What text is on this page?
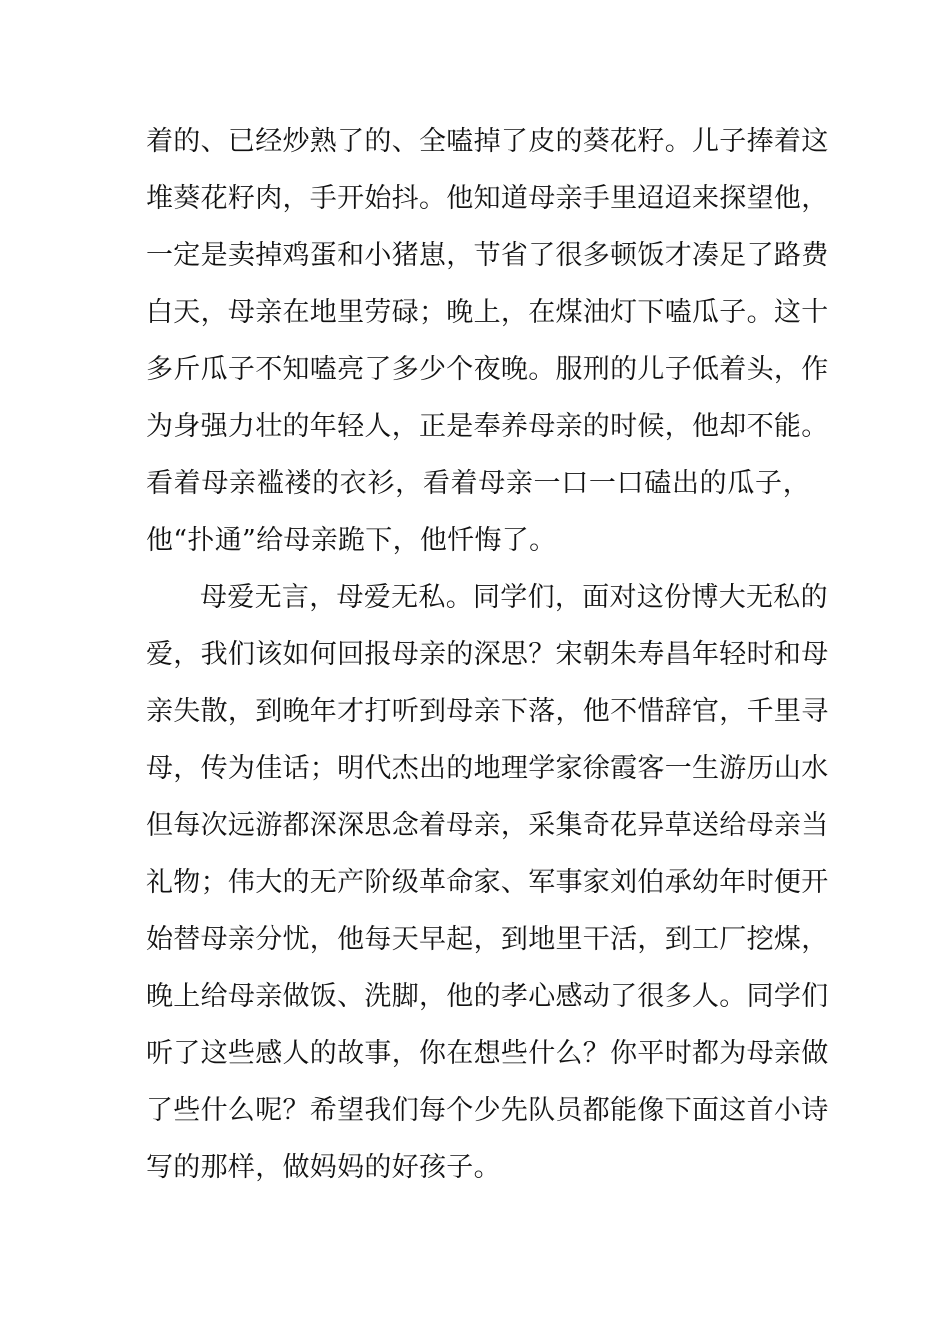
着的、已经炒熟了的、全嗑掉了皮的葵花籽。儿子捧着这
堆葵花籽肉，手开始抖。他知道母亲手里迢迢来探望他，
一定是卖掉鸡蛋和小猪崽，节省了很多顿饭才凑足了路费
白天，母亲在地里劳碌；晚上，在煤油灯下嗑瓜子。这十
多斤瓜子不知嗑亮了多少个夜晚。服刑的儿子低着头，作
为身强力壮的年轻人，正是奉养母亲的时候，他却不能。
看着母亲褴褛的衣衫，看着母亲一口一口磕出的瓜子，
他“扑通”给母亲跪下，他忏悔了。
母爱无言，母爱无私。同学们，面对这份博大无私的
爱，我们该如何回报母亲的深思？宋朝朱寿昌年轻时和母
亲失散，到晚年才打听到母亲下落，他不惜辞官，千里寻
母，传为佳话；明代杰出的地理学家徐霞客一生游历山水
但每次远游都深深思念着母亲，采集奇花异草送给母亲当
礼物；伟大的无产阶级革命家、军事家刘伯承幼年时便开
始替母亲分忧，他每天早起，到地里干活，到工厂挖煤，
晚上给母亲做饭、洗脚，他的孝心感动了很多人。同学们
听了这些感人的故事，你在想些什么？你平时都为母亲做
了些什么呢？希望我们每个少先队员都能像下面这首小诗
写的那样，做妈妈的好孩子。
